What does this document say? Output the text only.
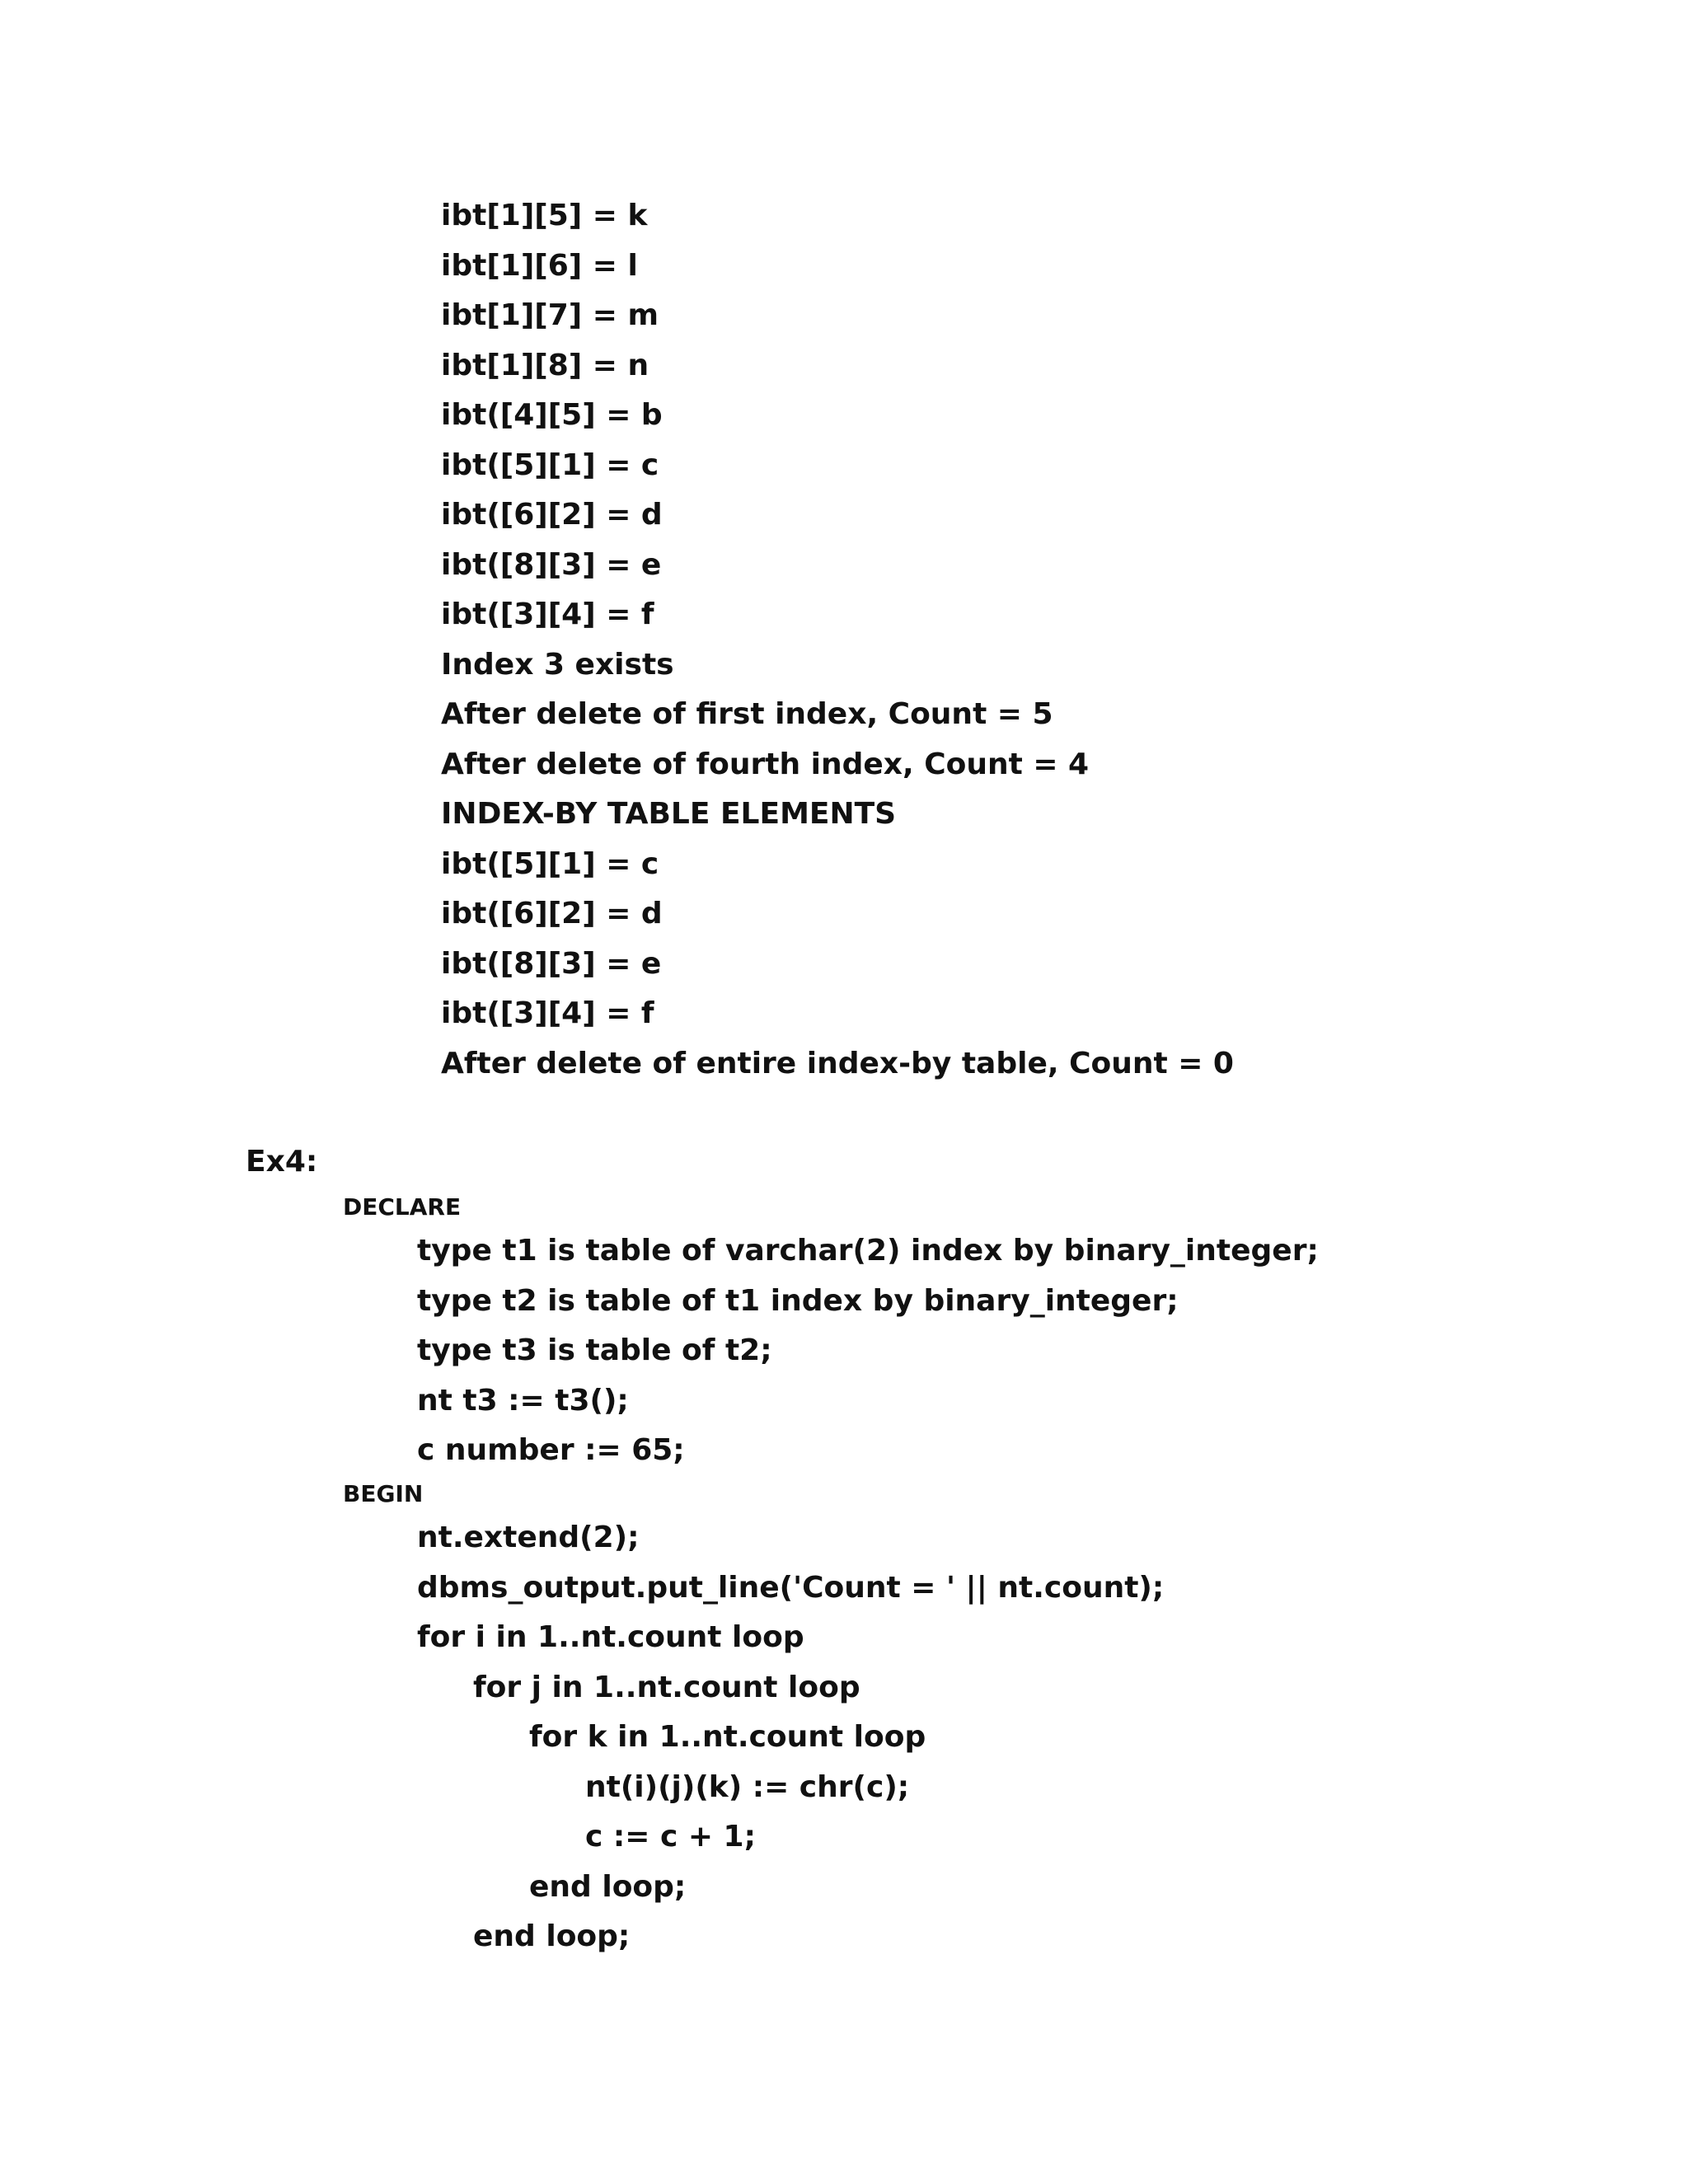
ibt[1][5] = k
ibt[1][6] = l
ibt[1][7] = m
ibt[1][8] = n
ibt([4][5] = b
ibt([5][1] = c
ibt([6][2] = d
ibt([8][3] = e
ibt([3][4] = f
Index 3 exists
After delete of first index, Count = 5
After delete of fourth index, Count = 4
INDEX-BY TABLE ELEMENTS
ibt([5][1] = c
ibt([6][2] = d
ibt([8][3] = e
ibt([3][4] = f
After delete of entire index-by table, Count = 0
Ex4:
DECLARE
type t1 is table of varchar(2) index by binary_integer;
type t2 is table of t1 index by binary_integer;
type t3 is table of t2;
nt t3 := t3();
c number := 65;
BEGIN
nt.extend(2);
dbms_output.put_line('Count = ' || nt.count);
for i in 1..nt.count loop
for j in 1..nt.count loop
for k in 1..nt.count loop
nt(i)(j)(k) := chr(c);
c := c + 1;
end loop;
end loop;
